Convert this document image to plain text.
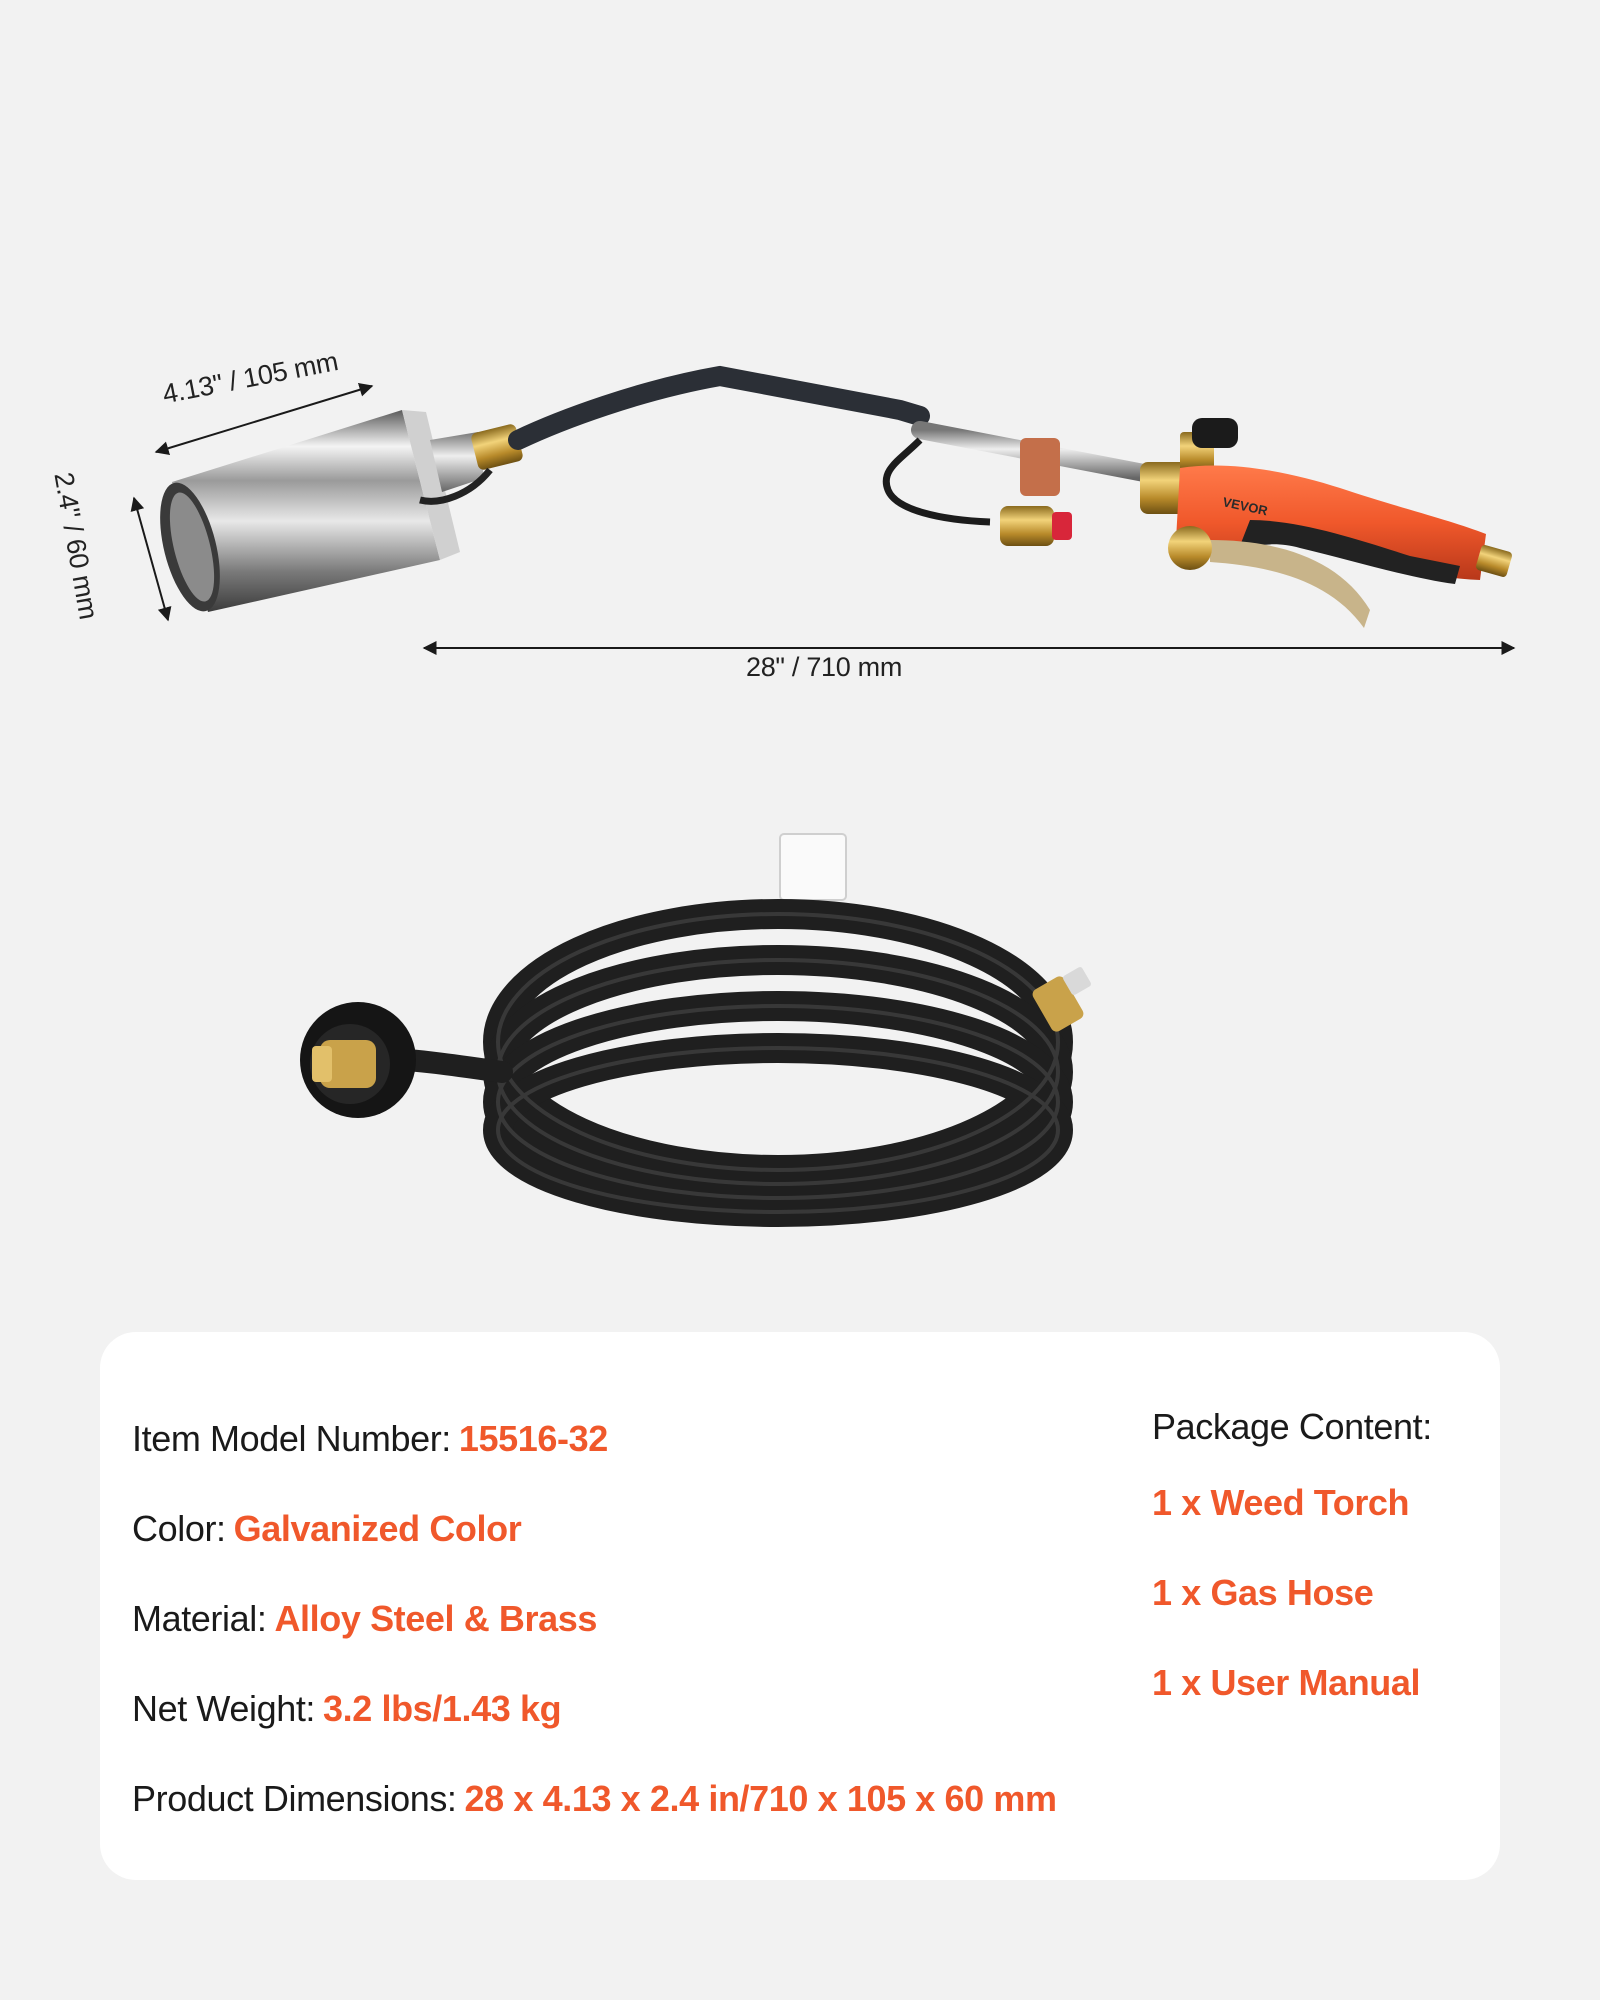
VEVOR
4.13" / 105 mm
2.4" / 60 mm
28" / 710 mm
Item Model Number: 15516-32
Color: Galvanized Color
Material: Alloy Steel & Brass
Net Weight: 3.2 lbs/1.43 kg
Product Dimensions: 28 x 4.13 x 2.4 in/710 x 105 x 60 mm
Package Content:
1 x Weed Torch
1 x Gas Hose
1 x User Manual
